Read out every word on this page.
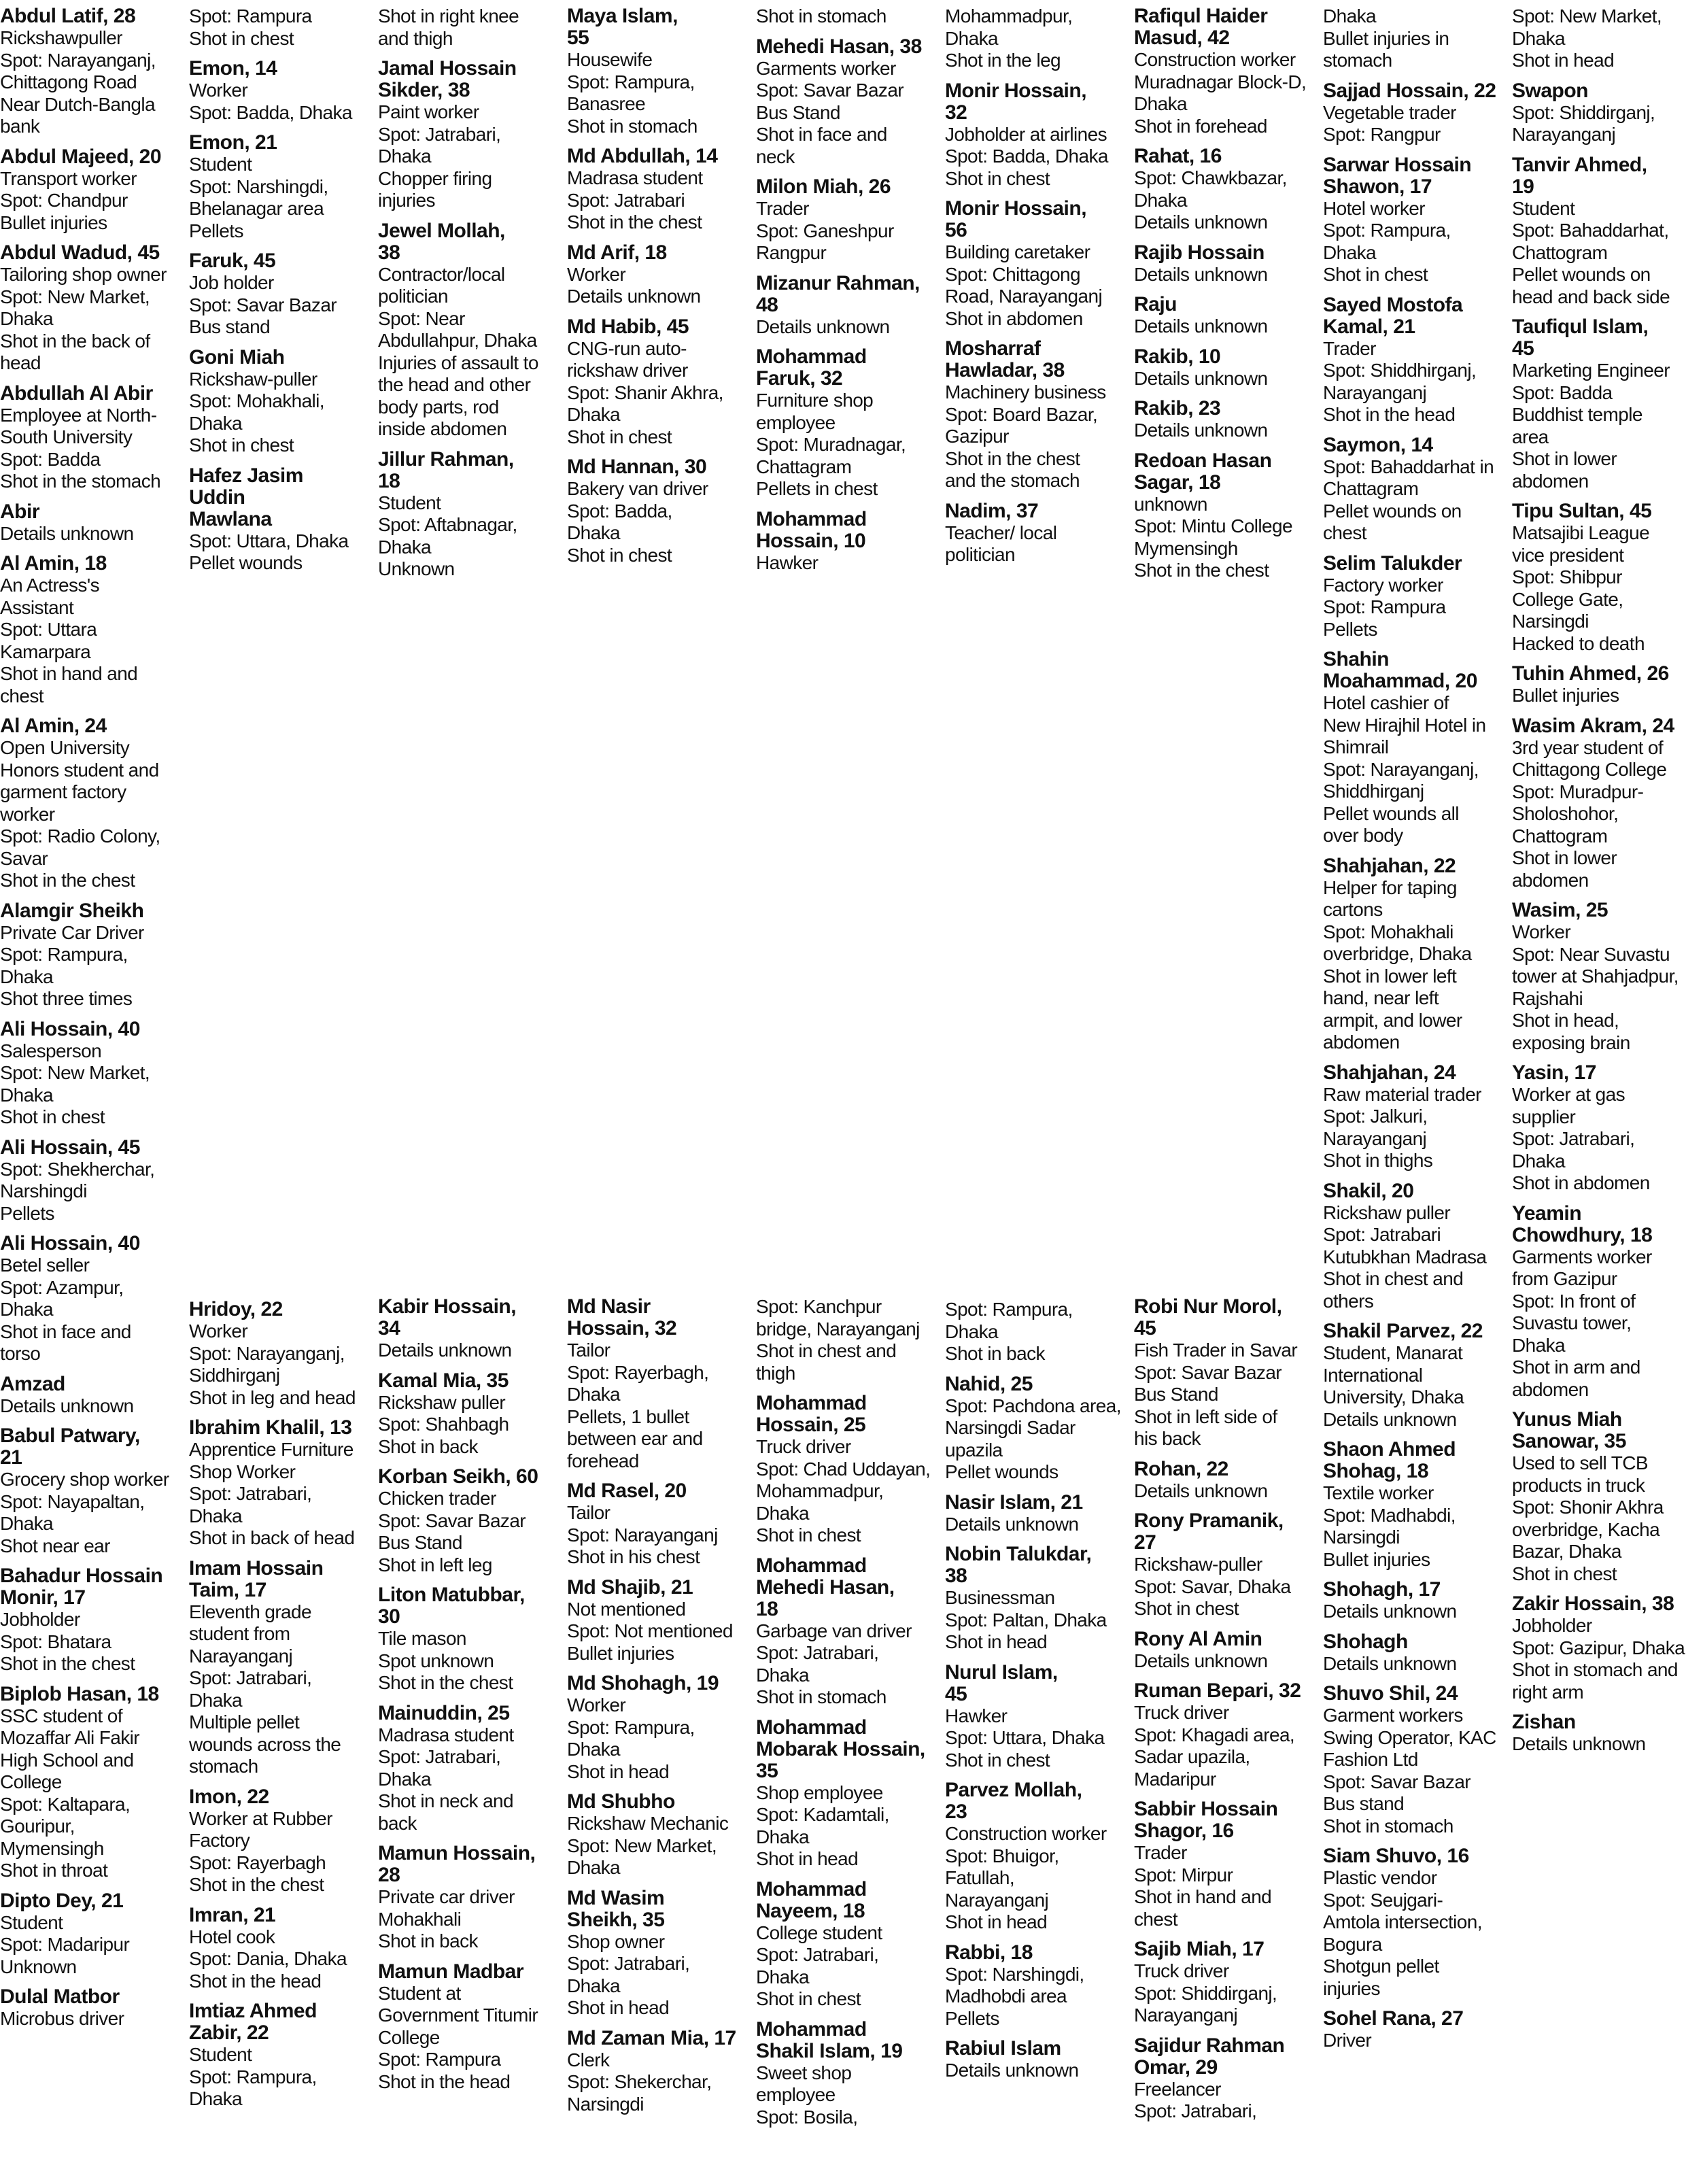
Abdul Latif, 28
Rickshawpuller
Spot: Narayanganj,
Chittagong Road
Near Dutch-Bangla
bank
Abdul Majeed, 20
Transport worker
Spot: Chandpur
Bullet injuries
Abdul Wadud, 45
Tailoring shop owner
Spot: New Market,
Dhaka
Shot in the back of
head
Abdullah Al Abir
Employee at North-
South University
Spot: Badda
Shot in the stomach
Abir
Details unknown
Al Amin, 18
An Actress's
Assistant
Spot: Uttara
Kamarpara
Shot in hand and
chest
Al Amin, 24
Open University
Honors student and
garment factory
worker
Spot: Radio Colony,
Savar
Shot in the chest
Alamgir Sheikh
Private Car Driver
Spot: Rampura,
Dhaka
Shot three times
Ali Hossain, 40
Salesperson
Spot: New Market,
Dhaka
Shot in chest
Ali Hossain, 45
Spot: Shekherchar,
Narshingdi
Pellets
Ali Hossain, 40
Betel seller
Spot: Azampur,
Dhaka
Shot in face and
torso
Amzad
Details unknown
Babul Patwary,
21
Grocery shop worker
Spot: Nayapaltan,
Dhaka
Shot near ear
Bahadur Hossain
Monir, 17
Jobholder
Spot: Bhatara
Shot in the chest
Biplob Hasan, 18
SSC student of
Mozaffar Ali Fakir
High School and
College
Spot: Kaltapara,
Gouripur,
Mymensingh
Shot in throat
Dipto Dey, 21
Student
Spot: Madaripur
Unknown
Dulal Matbor
Microbus driver
Spot: Rampura
Shot in chest
Emon, 14
Worker
Spot: Badda, Dhaka
Emon, 21
Student
Spot: Narshingdi,
Bhelanagar area
Pellets
Faruk, 45
Job holder
Spot: Savar Bazar
Bus stand
Goni Miah
Rickshaw-puller
Spot: Mohakhali,
Dhaka
Shot in chest
Hafez Jasim
Uddin
Mawlana
Spot: Uttara, Dhaka
Pellet wounds
Hridoy, 22
Worker
Spot: Narayanganj,
Siddhirganj
Shot in leg and head
Ibrahim Khalil, 13
Apprentice Furniture
Shop Worker
Spot: Jatrabari,
Dhaka
Shot in back of head
Imam Hossain
Taim, 17
Eleventh grade
student from
Narayanganj
Spot: Jatrabari,
Dhaka
Multiple pellet
wounds across the
stomach
Imon, 22
Worker at Rubber
Factory
Spot: Rayerbagh
Shot in the chest
Imran, 21
Hotel cook
Spot: Dania, Dhaka
Shot in the head
Imtiaz Ahmed
Zabir, 22
Student
Spot: Rampura,
Dhaka
Shot in right knee
and thigh
Jamal Hossain
Sikder, 38
Paint worker
Spot: Jatrabari,
Dhaka
Chopper firing
injuries
Jewel Mollah,
38
Contractor/local
politician
Spot: Near
Abdullahpur, Dhaka
Injuries of assault to
the head and other
body parts, rod
inside abdomen
Jillur Rahman,
18
Student
Spot: Aftabnagar,
Dhaka
Unknown
Kabir Hossain,
34
Details unknown
Kamal Mia, 35
Rickshaw puller
Spot: Shahbagh
Shot in back
Korban Seikh, 60
Chicken trader
Spot: Savar Bazar
Bus Stand
Shot in left leg
Liton Matubbar,
30
Tile mason
Spot unknown
Shot in the chest
Mainuddin, 25
Madrasa student
Spot: Jatrabari,
Dhaka
Shot in neck and
back
Mamun Hossain,
28
Private car driver
Mohakhali
Shot in back
Mamun Madbar
Student at
Government Titumir
College
Spot: Rampura
Shot in the head
Maya Islam,
55
Housewife
Spot: Rampura,
Banasree
Shot in stomach
Md Abdullah, 14
Madrasa student
Spot: Jatrabari
Shot in the chest
Md Arif, 18
Worker
Details unknown
Md Habib, 45
CNG-run auto-
rickshaw driver
Spot: Shanir Akhra,
Dhaka
Shot in chest
Md Hannan, 30
Bakery van driver
Spot: Badda,
Dhaka
Shot in chest
Md Nasir
Hossain, 32
Tailor
Spot: Rayerbagh,
Dhaka
Pellets, 1 bullet
between ear and
forehead
Md Rasel, 20
Tailor
Spot: Narayanganj
Shot in his chest
Md Shajib, 21
Not mentioned
Spot: Not mentioned
Bullet injuries
Md Shohagh, 19
Worker
Spot: Rampura,
Dhaka
Shot in head
Md Shubho
Rickshaw Mechanic
Spot: New Market,
Dhaka
Md Wasim
Sheikh, 35
Shop owner
Spot: Jatrabari,
Dhaka
Shot in head
Md Zaman Mia, 17
Clerk
Spot: Shekerchar,
Narsingdi
Shot in stomach
Mehedi Hasan, 38
Garments worker
Spot: Savar Bazar
Bus Stand
Shot in face and
neck
Milon Miah, 26
Trader
Spot: Ganeshpur
Rangpur
Mizanur Rahman,
48
Details unknown
Mohammad
Faruk, 32
Furniture shop
employee
Spot: Muradnagar,
Chattagram
Pellets in chest
Mohammad
Hossain, 10
Hawker
Spot: Kanchpur
bridge, Narayanganj
Shot in chest and
thigh
Mohammad
Hossain, 25
Truck driver
Spot: Chad Uddayan,
Mohammadpur,
Dhaka
Shot in chest
Mohammad
Mehedi Hasan,
18
Garbage van driver
Spot: Jatrabari,
Dhaka
Shot in stomach
Mohammad
Mobarak Hossain,
35
Shop employee
Spot: Kadamtali,
Dhaka
Shot in head
Mohammad
Nayeem, 18
College student
Spot: Jatrabari,
Dhaka
Shot in chest
Mohammad
Shakil Islam, 19
Sweet shop
employee
Spot: Bosila,
Mohammadpur,
Dhaka
Shot in the leg
Monir Hossain,
32
Jobholder at airlines
Spot: Badda, Dhaka
Shot in chest
Monir Hossain,
56
Building caretaker
Spot: Chittagong
Road, Narayanganj
Shot in abdomen
Mosharraf
Hawladar, 38
Machinery business
Spot: Board Bazar,
Gazipur
Shot in the chest
and the stomach
Nadim, 37
Teacher/ local
politician
Spot: Rampura,
Dhaka
Shot in back
Nahid, 25
Spot: Pachdona area,
Narsingdi Sadar
upazila
Pellet wounds
Nasir Islam, 21
Details unknown
Nobin Talukdar,
38
Businessman
Spot: Paltan, Dhaka
Shot in head
Nurul Islam,
45
Hawker
Spot: Uttara, Dhaka
Shot in chest
Parvez Mollah,
23
Construction worker
Spot: Bhuigor,
Fatullah,
Narayanganj
Shot in head
Rabbi, 18
Spot: Narshingdi,
Madhobdi area
Pellets
Rabiul Islam
Details unknown
Rafiqul Haider
Masud, 42
Construction worker
Muradnagar Block-D,
Dhaka
Shot in forehead
Rahat, 16
Spot: Chawkbazar,
Dhaka
Details unknown
Rajib Hossain
Details unknown
Raju
Details unknown
Rakib, 10
Details unknown
Rakib, 23
Details unknown
Redoan Hasan
Sagar, 18
unknown
Spot: Mintu College
Mymensingh
Shot in the chest
Robi Nur Morol,
45
Fish Trader in Savar
Spot: Savar Bazar
Bus Stand
Shot in left side of
his back
Rohan, 22
Details unknown
Rony Pramanik,
27
Rickshaw-puller
Spot: Savar, Dhaka
Shot in chest
Rony Al Amin
Details unknown
Ruman Bepari, 32
Truck driver
Spot: Khagadi area,
Sadar upazila,
Madaripur
Sabbir Hossain
Shagor, 16
Trader
Spot: Mirpur
Shot in hand and
chest
Sajib Miah, 17
Truck driver
Spot: Shiddirganj,
Narayanganj
Sajidur Rahman
Omar, 29
Freelancer
Spot: Jatrabari,
Dhaka
Bullet injuries in
stomach
Sajjad Hossain, 22
Vegetable trader
Spot: Rangpur
Sarwar Hossain
Shawon, 17
Hotel worker
Spot: Rampura,
Dhaka
Shot in chest
Sayed Mostofa
Kamal, 21
Trader
Spot: Shiddhirganj,
Narayanganj
Shot in the head
Saymon, 14
Spot: Bahaddarhat in
Chattagram
Pellet wounds on
chest
Selim Talukder
Factory worker
Spot: Rampura
Pellets
Shahin
Moahammad, 20
Hotel cashier of
New Hirajhil Hotel in
Shimrail
Spot: Narayanganj,
Shiddhirganj
Pellet wounds all
over body
Shahjahan, 22
Helper for taping
cartons
Spot: Mohakhali
overbridge, Dhaka
Shot in lower left
hand, near left
armpit, and lower
abdomen
Shahjahan, 24
Raw material trader
Spot: Jalkuri,
Narayanganj
Shot in thighs
Shakil, 20
Rickshaw puller
Spot: Jatrabari
Kutubkhan Madrasa
Shot in chest and
others
Shakil Parvez, 22
Student, Manarat
International
University, Dhaka
Details unknown
Shaon Ahmed
Shohag, 18
Textile worker
Spot: Madhabdi,
Narsingdi
Bullet injuries
Shohagh, 17
Details unknown
Shohagh
Details unknown
Shuvo Shil, 24
Garment workers
Swing Operator, KAC
Fashion Ltd
Spot: Savar Bazar
Bus stand
Shot in stomach
Siam Shuvo, 16
Plastic vendor
Spot: Seujgari-
Amtola intersection,
Bogura
Shotgun pellet
injuries
Sohel Rana, 27
Driver
Spot: New Market,
Dhaka
Shot in head
Swapon
Spot: Shiddirganj,
Narayanganj
Tanvir Ahmed,
19
Student
Spot: Bahaddarhat,
Chattogram
Pellet wounds on
head and back side
Taufiqul Islam,
45
Marketing Engineer
Spot: Badda
Buddhist temple
area
Shot in lower
abdomen
Tipu Sultan, 45
Matsajibi League
vice president
Spot: Shibpur
College Gate,
Narsingdi
Hacked to death
Tuhin Ahmed, 26
Bullet injuries
Wasim Akram, 24
3rd year student of
Chittagong College
Spot: Muradpur-
Sholoshohor,
Chattogram
Shot in lower
abdomen
Wasim, 25
Worker
Spot: Near Suvastu
tower at Shahjadpur,
Rajshahi
Shot in head,
exposing brain
Yasin, 17
Worker at gas
supplier
Spot: Jatrabari,
Dhaka
Shot in abdomen
Yeamin
Chowdhury, 18
Garments worker
from Gazipur
Spot: In front of
Suvastu tower,
Dhaka
Shot in arm and
abdomen
Yunus Miah
Sanowar, 35
Used to sell TCB
products in truck
Spot: Shonir Akhra
overbridge, Kacha
Bazar, Dhaka
Shot in chest
Zakir Hossain, 38
Jobholder
Spot: Gazipur, Dhaka
Shot in stomach and
right arm
Zishan
Details unknown
